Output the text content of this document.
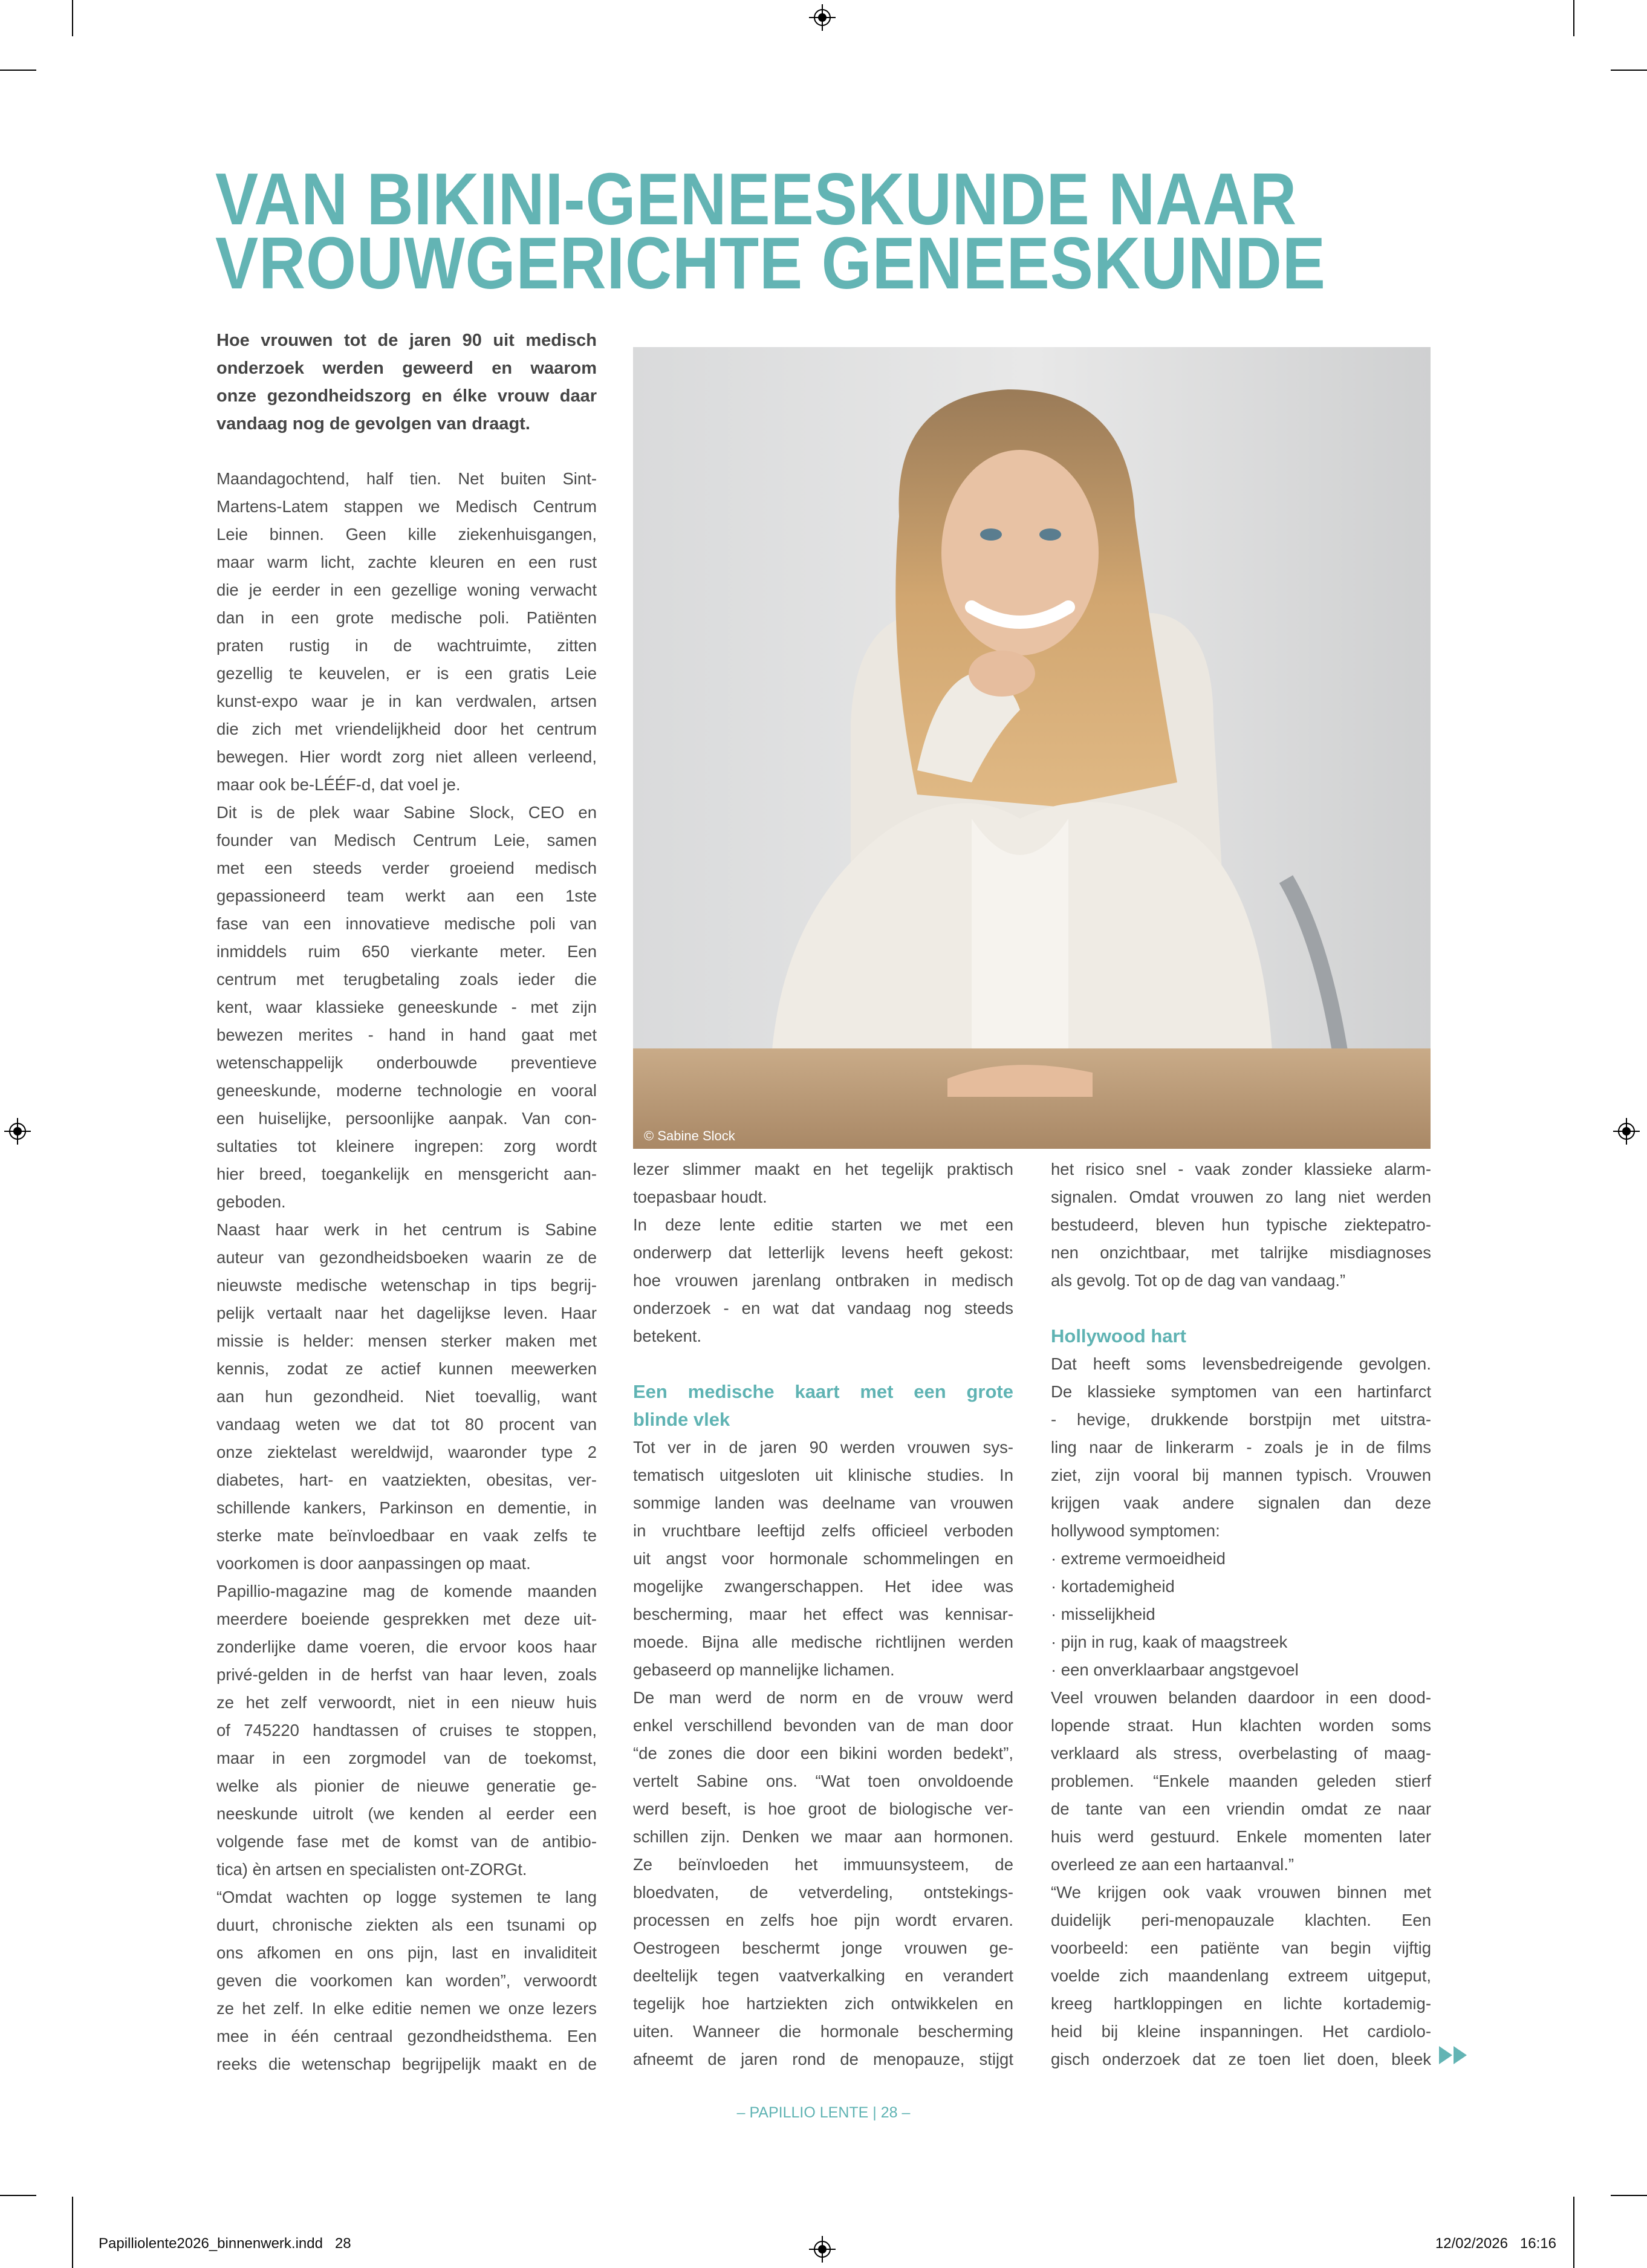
VAN BIKINI-GENEESKUNDE NAAR
VROUWGERICHTE GENEESKUNDE
Hoe vrouwen tot de jaren 90 uit medisch
onderzoek werden geweerd en waarom
onze gezondheidszorg en élke vrouw daar
vandaag nog de gevolgen van draagt.
© Sabine Slock
Maandagochtend, half tien. Net buiten Sint-
Martens-Latem stappen we Medisch Centrum
Leie binnen. Geen kille ziekenhuisgangen,
maar warm licht, zachte kleuren en een rust
die je eerder in een gezellige woning verwacht
dan in een grote medische poli. Patiënten
praten rustig in de wachtruimte, zitten
gezellig te keuvelen, er is een gratis Leie
kunst-expo waar je in kan verdwalen, artsen
die zich met vriendelijkheid door het centrum
bewegen. Hier wordt zorg niet alleen verleend,
maar ook be-LÉÉF-d, dat voel je.
Dit is de plek waar Sabine Slock, CEO en
founder van Medisch Centrum Leie, samen
met een steeds verder groeiend medisch
gepassioneerd team werkt aan een 1ste
fase van een innovatieve medische poli van
inmiddels ruim 650 vierkante meter. Een
centrum met terugbetaling zoals ieder die
kent, waar klassieke geneeskunde - met zijn
bewezen merites - hand in hand gaat met
wetenschappelijk onderbouwde preventieve
geneeskunde, moderne technologie en vooral
een huiselijke, persoonlijke aanpak. Van con-
sultaties tot kleinere ingrepen: zorg wordt
hier breed, toegankelijk en mensgericht aan-
geboden.
Naast haar werk in het centrum is Sabine
auteur van gezondheidsboeken waarin ze de
nieuwste medische wetenschap in tips begrij-
pelijk vertaalt naar het dagelijkse leven. Haar
missie is helder: mensen sterker maken met
kennis, zodat ze actief kunnen meewerken
aan hun gezondheid. Niet toevallig, want
vandaag weten we dat tot 80 procent van
onze ziektelast wereldwijd, waaronder type 2
diabetes, hart- en vaatziekten, obesitas, ver-
schillende kankers, Parkinson en dementie, in
sterke mate beïnvloedbaar en vaak zelfs te
voorkomen is door aanpassingen op maat.
Papillio-magazine mag de komende maanden
meerdere boeiende gesprekken met deze uit-
zonderlijke dame voeren, die ervoor koos haar
privé-gelden in de herfst van haar leven, zoals
ze het zelf verwoordt, niet in een nieuw huis
of 745220 handtassen of cruises te stoppen,
maar in een zorgmodel van de toekomst,
welke als pionier de nieuwe generatie ge-
neeskunde uitrolt (we kenden al eerder een
volgende fase met de komst van de antibio-
tica) èn artsen en specialisten ont-ZORGt.
“Omdat wachten op logge systemen te lang
duurt, chronische ziekten als een tsunami op
ons afkomen en ons pijn, last en invaliditeit
geven die voorkomen kan worden”, verwoordt
ze het zelf. In elke editie nemen we onze lezers
mee in één centraal gezondheidsthema. Een
reeks die wetenschap begrijpelijk maakt en de
lezer slimmer maakt en het tegelijk praktisch
toepasbaar houdt.
In deze lente editie starten we met een
onderwerp dat letterlijk levens heeft gekost:
hoe vrouwen jarenlang ontbraken in medisch
onderzoek - en wat dat vandaag nog steeds
betekent.
Een medische kaart met een grote
blinde vlek
Tot ver in de jaren 90 werden vrouwen sys-
tematisch uitgesloten uit klinische studies. In
sommige landen was deelname van vrouwen
in vruchtbare leeftijd zelfs officieel verboden
uit angst voor hormonale schommelingen en
mogelijke zwangerschappen. Het idee was
bescherming, maar het effect was kennisar-
moede. Bijna alle medische richtlijnen werden
gebaseerd op mannelijke lichamen.
De man werd de norm en de vrouw werd
enkel verschillend bevonden van de man door
“de zones die door een bikini worden bedekt”,
vertelt Sabine ons. “Wat toen onvoldoende
werd beseft, is hoe groot de biologische ver-
schillen zijn. Denken we maar aan hormonen.
Ze beïnvloeden het immuunsysteem, de
bloedvaten, de vetverdeling, ontstekings-
processen en zelfs hoe pijn wordt ervaren.
Oestrogeen beschermt jonge vrouwen ge-
deeltelijk tegen vaatverkalking en verandert
tegelijk hoe hartziekten zich ontwikkelen en
uiten. Wanneer die hormonale bescherming
afneemt de jaren rond de menopauze, stijgt
het risico snel - vaak zonder klassieke alarm-
signalen. Omdat vrouwen zo lang niet werden
bestudeerd, bleven hun typische ziektepatro-
nen onzichtbaar, met talrijke misdiagnoses
als gevolg. Tot op de dag van vandaag.”
Hollywood hart
Dat heeft soms levensbedreigende gevolgen.
De klassieke symptomen van een hartinfarct
- hevige, drukkende borstpijn met uitstra-
ling naar de linkerarm - zoals je in de films
ziet, zijn vooral bij mannen typisch. Vrouwen
krijgen vaak andere signalen dan deze
hollywood symptomen:
· extreme vermoeidheid
· kortademigheid
· misselijkheid
· pijn in rug, kaak of maagstreek
· een onverklaarbaar angstgevoel
Veel vrouwen belanden daardoor in een dood-
lopende straat. Hun klachten worden soms
verklaard als stress, overbelasting of maag-
problemen. “Enkele maanden geleden stierf
de tante van een vriendin omdat ze naar
huis werd gestuurd. Enkele momenten later
overleed ze aan een hartaanval.”
“We krijgen ook vaak vrouwen binnen met
duidelijk peri-menopauzale klachten. Een
voorbeeld: een patiënte van begin vijftig
voelde zich maandenlang extreem uitgeput,
kreeg hartkloppingen en lichte kortademig-
heid bij kleine inspanningen. Het cardiolo-
gisch onderzoek dat ze toen liet doen, bleek
– PAPILLIO LENTE | 28 –
Papilliolente2026_binnenwerk.indd   28	12/02/2026   16:16
